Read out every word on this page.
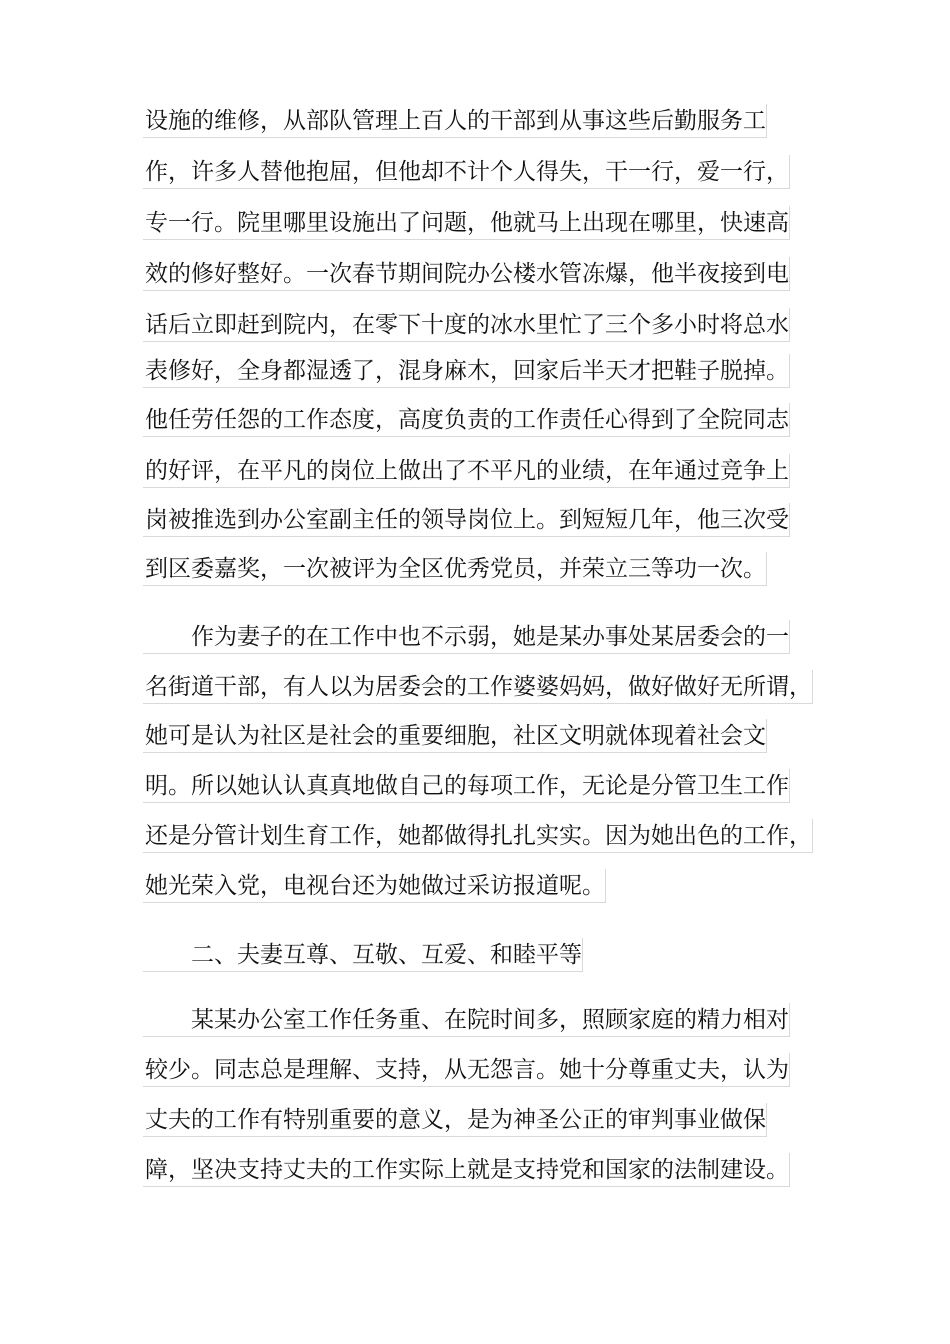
设施的维修，从部队管理上百人的干部到从事这些后勤服务工
作，许多人替他抱屈，但他却不计个人得失，干一行，爱一行，
专一行。院里哪里设施出了问题，他就马上出现在哪里，快速高
效的修好整好。一次春节期间院办公楼水管冻爆，他半夜接到电
话后立即赶到院内，在零下十度的冰水里忙了三个多小时将总水
表修好，全身都湿透了，混身麻木，回家后半天才把鞋子脱掉。
他任劳任怨的工作态度，高度负责的工作责任心得到了全院同志
的好评，在平凡的岗位上做出了不平凡的业绩，在年通过竞争上
岗被推选到办公室副主任的领导岗位上。到短短几年，他三次受
到区委嘉奖，一次被评为全区优秀党员，并荣立三等功一次。
作为妻子的在工作中也不示弱，她是某办事处某居委会的一
名街道干部，有人以为居委会的工作婆婆妈妈，做好做好无所谓，
她可是认为社区是社会的重要细胞，社区文明就体现着社会文
明。所以她认认真真地做自己的每项工作，无论是分管卫生工作
还是分管计划生育工作，她都做得扎扎实实。因为她出色的工作，
她光荣入党，电视台还为她做过采访报道呢。
二、夫妻互尊、互敬、互爱、和睦平等
某某办公室工作任务重、在院时间多，照顾家庭的精力相对
较少。同志总是理解、支持，从无怨言。她十分尊重丈夫，认为
丈夫的工作有特别重要的意义，是为神圣公正的审判事业做保
障，坚决支持丈夫的工作实际上就是支持党和国家的法制建设。
